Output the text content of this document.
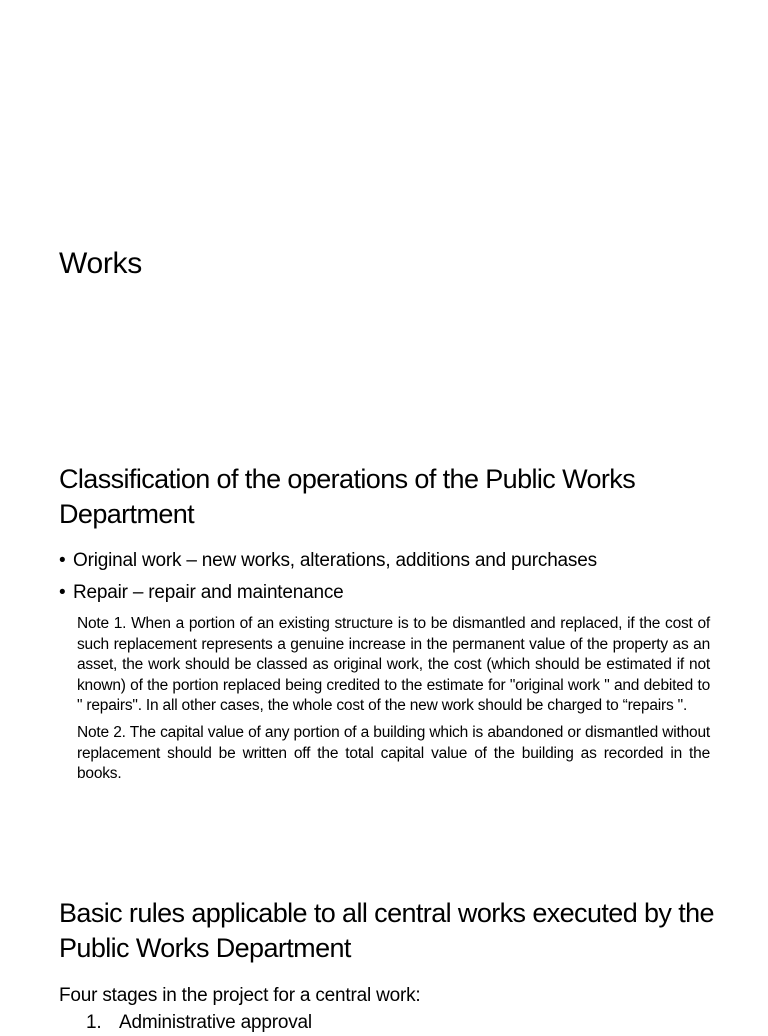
Works
Classification of the operations of the Public Works Department
• Original work – new works, alterations, additions and purchases
• Repair – repair and maintenance

Note 1. When a portion of an existing structure is to be dismantled and replaced, if the cost of such replacement represents a genuine increase in the permanent value of the property as an asset, the work should be classed as original work, the cost (which should be estimated if not known) of the portion replaced being credited to the estimate for "original work " and debited to " repairs". In all other cases, the whole cost of the new work should be charged to “repairs ".

Note 2. The capital value of any portion of a building which is abandoned or dismantled without replacement should be written off the total capital value of the building as recorded in the books.

Basic rules applicable to all central works executed by the Public Works Department

Four stages in the project for a central work:

1. Administrative approval
